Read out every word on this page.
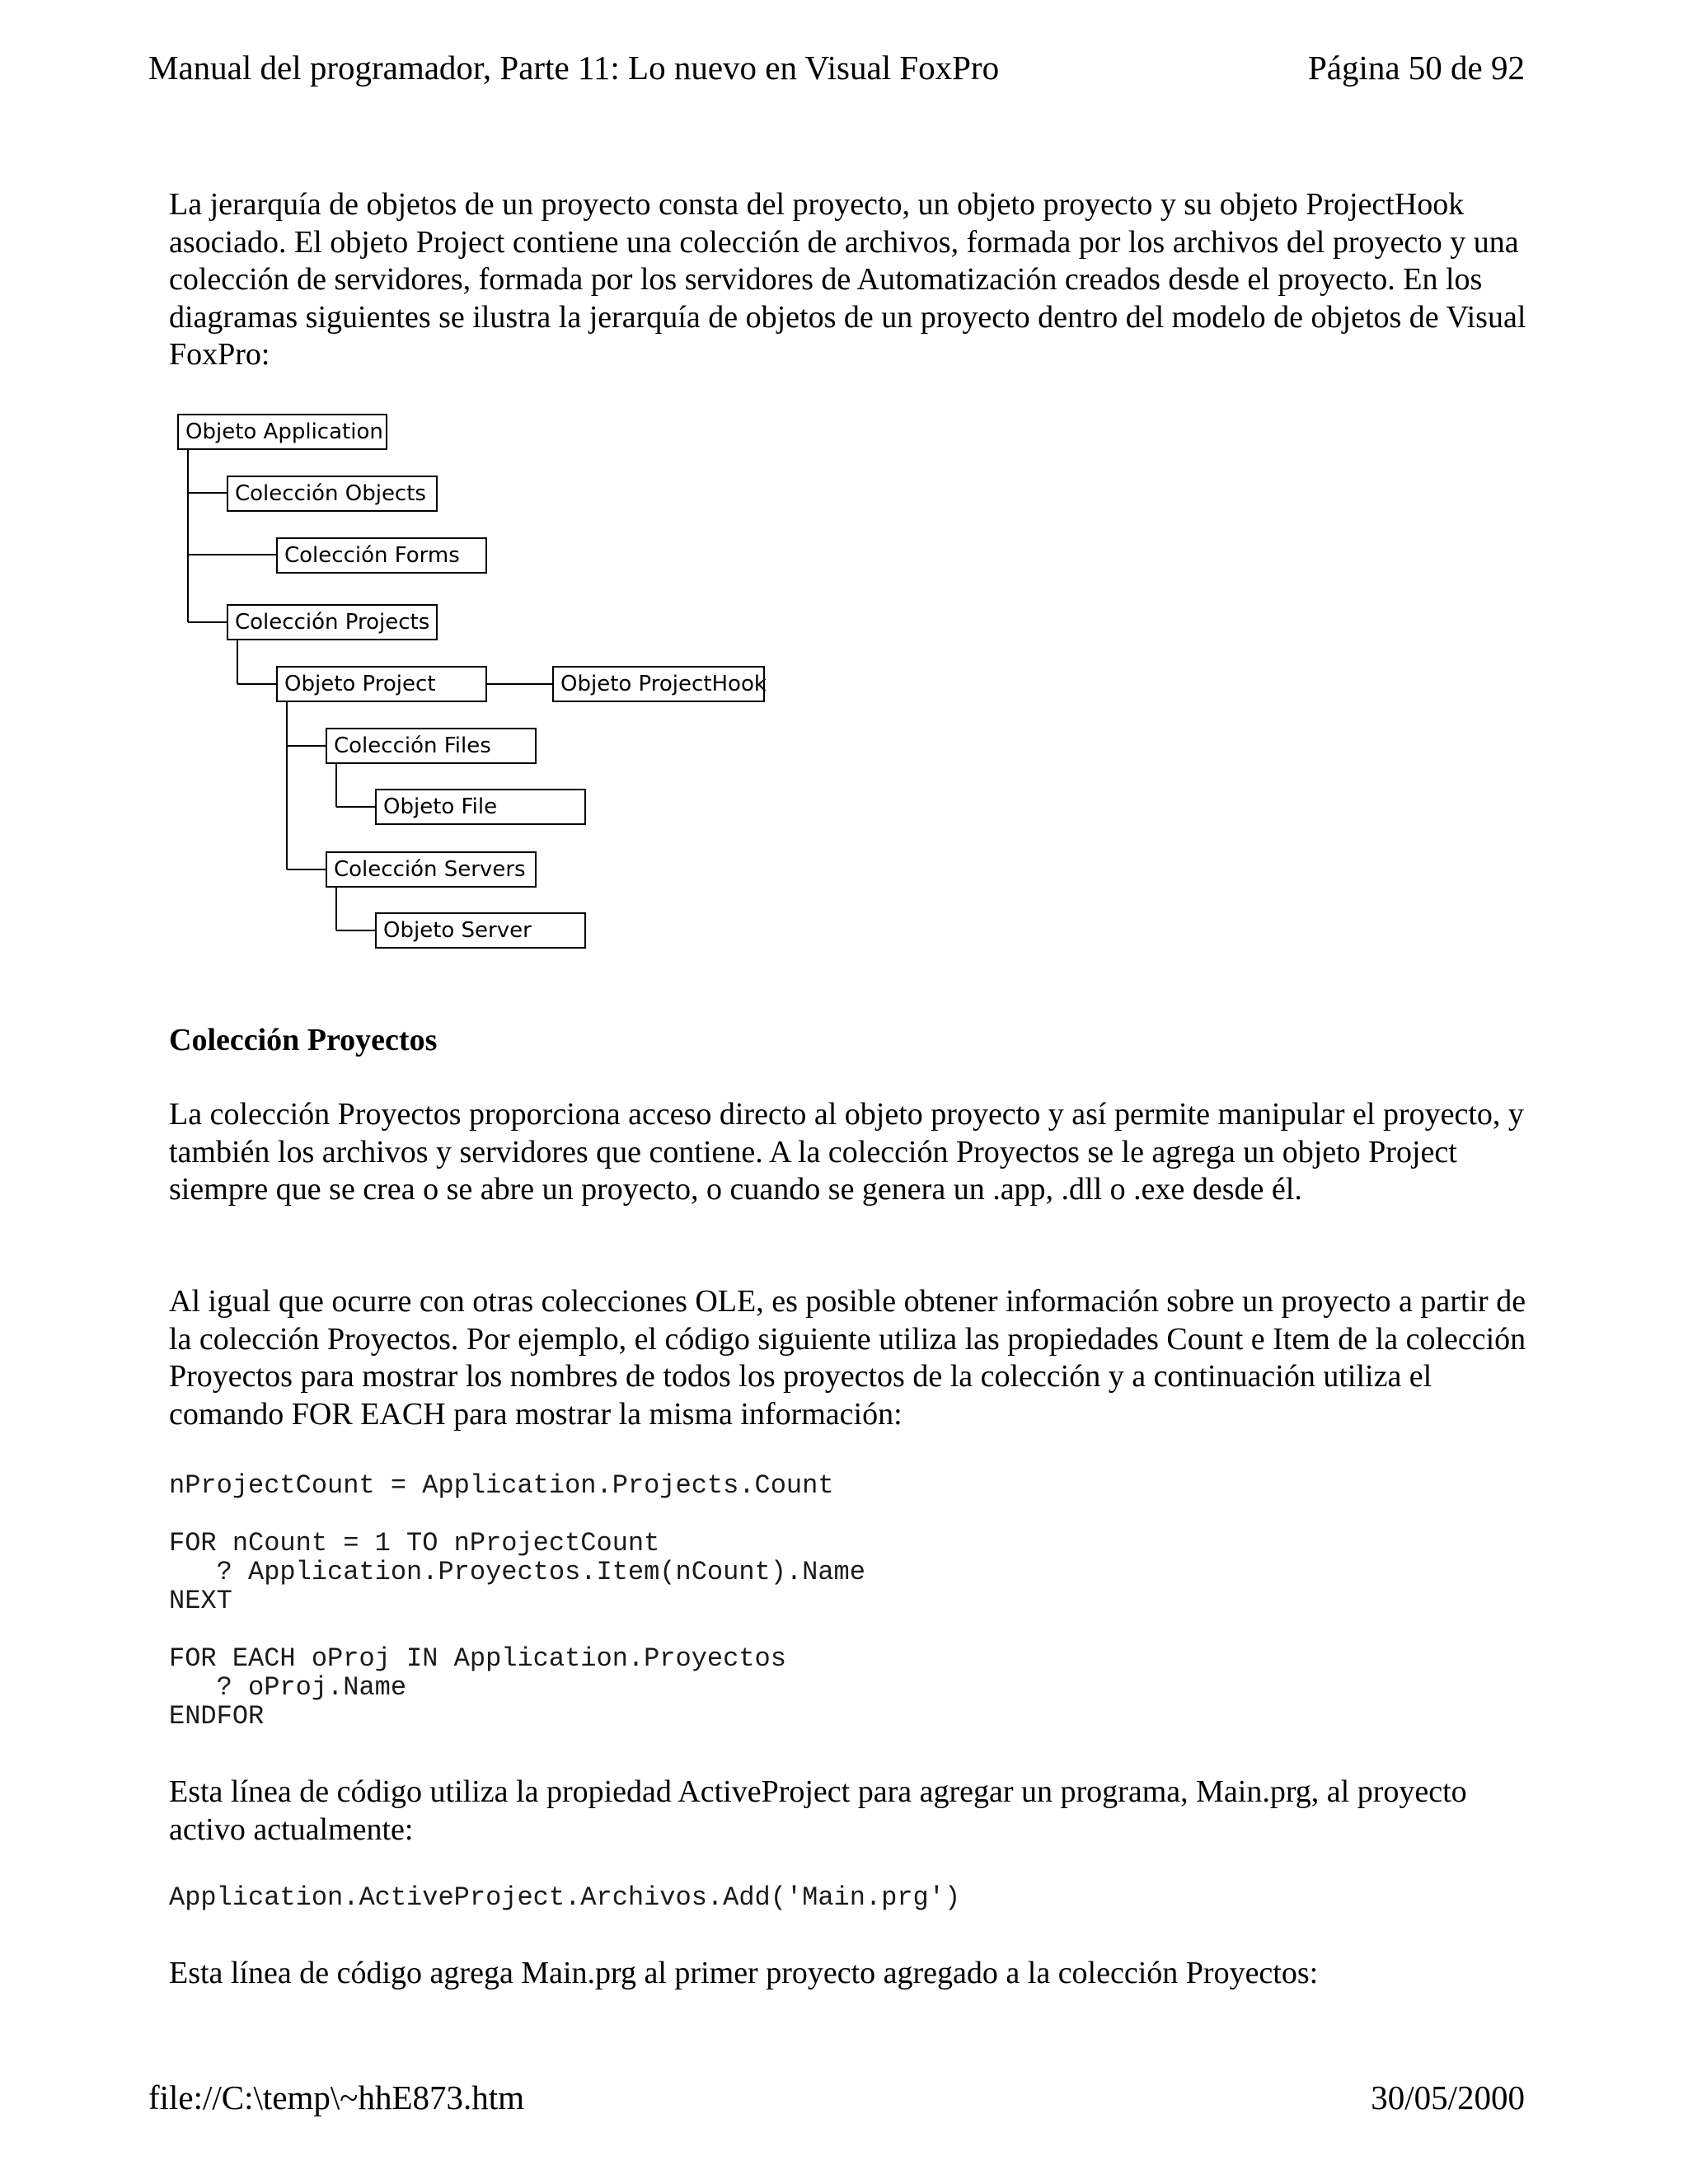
Manual del programador, Parte 11: Lo nuevo en Visual FoxPro	Página 50 de 92

La jerarquía de objetos de un proyecto consta del proyecto, un objeto proyecto y su objeto ProjectHook asociado. El objeto Project contiene una colección de archivos, formada por los archivos del proyecto y una colección de servidores, formada por los servidores de Automatización creados desde el proyecto. En los diagramas siguientes se ilustra la jerarquía de objetos de un proyecto dentro del modelo de objetos de Visual FoxPro:

Colección Proyectos

La colección Proyectos proporciona acceso directo al objeto proyecto y así permite manipular el proyecto, y también los archivos y servidores que contiene. A la colección Proyectos se le agrega un objeto Project siempre que se crea o se abre un proyecto, o cuando se genera un .app, .dll o .exe desde él.

Al igual que ocurre con otras colecciones OLE, es posible obtener información sobre un proyecto a partir de la colección Proyectos. Por ejemplo, el código siguiente utiliza las propiedades Count e Item de la colección Proyectos para mostrar los nombres de todos los proyectos de la colección y a continuación utiliza el comando FOR EACH para mostrar la misma información:

nProjectCount = Application.Projects.Count

FOR nCount = 1 TO nProjectCount
? Application.Proyectos.Item(nCount).Name
NEXT

FOR EACH oProj IN Application.Proyectos
? oProj.Name
ENDFOR

Esta línea de código utiliza la propiedad ActiveProject para agregar un programa, Main.prg, al proyecto activo actualmente:

Application.ActiveProject.Archivos.Add('Main.prg')

Esta línea de código agrega Main.prg al primer proyecto agregado a la colección Proyectos:

Objeto Application
Colección Objects
Colección Forms
Colección Projects
Objeto Project	Objeto ProjectHook
Colección Files
Objeto File
Colección Servers
Objeto Server
file://C:\temp\~hhE873.htm	30/05/2000
